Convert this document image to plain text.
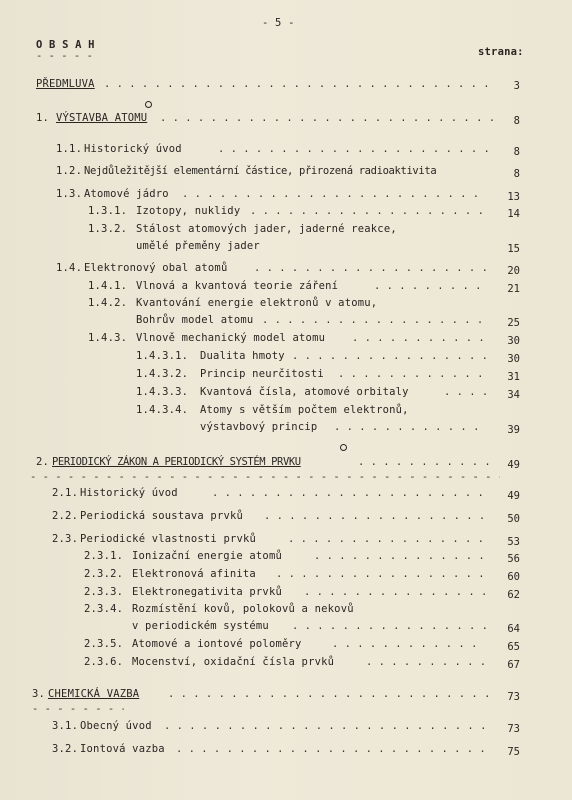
- 5 -
O B S A H
- - -
strana:
PŘEDMLUVA . . .	3
1. VÝSTAVBA ATOMU . . .	8
1.1. Historický úvod . . .	8
1.2. Nejdůležitější elementární částice, přirozená radioaktivita	8
1.3. Atomové jádro . . .	13
1.3.1. Izotopy, nuklidy . . .	14
1.3.2. Stálost atomových jader, jaderné reakce,
umělé přeměny jader	15
1.4. Elektronový obal atomů . . .	20
1.4.1. Vlnová a kvantová teorie záření . . .	21
1.4.2. Kvantování energie elektronů v atomu,
Bohrův model atomu . . .	25
1.4.3. Vlnově mechanický model atomu . . .	30
1.4.3.1. Dualita hmoty . . .	30
1.4.3.2. Princip neurčitosti . . .	31
1.4.3.3. Kvantová čísla, atomové orbitaly . . .	34
1.4.3.4. Atomy s větším počtem elektronů,
výstavbový princip . . .	39
2. PERIODICKÝ ZÁKON A PERIODICKÝ SYSTÉM PRVKU . . .	49
- - -
2.1. Historický úvod . . .	49
2.2. Periodická soustava prvků . . .	50
2.3. Periodické vlastnosti prvků . . .	53
2.3.1. Ionizační energie atomů . . .	56
2.3.2. Elektronová afinita . . .	60
2.3.3. Elektronegativita prvků . . .	62
2.3.4. Rozmístění kovů, polokovů a nekovů
v periodickém systému . . .	64
2.3.5. Atomové a iontové poloměry . . .	65
2.3.6. Mocenství, oxidační čísla prvků . . .	67
3. CHEMICKÁ VAZBA . . .	73
- - -
3.1. Obecný úvod . . .	73
3.2. Iontová vazba . . .	75
